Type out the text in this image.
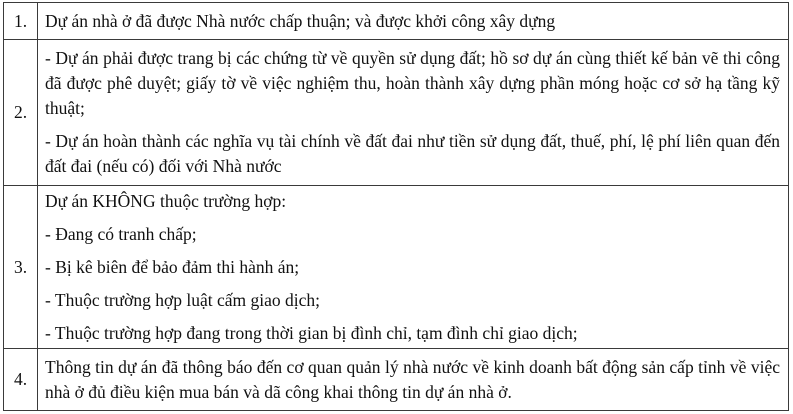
1.	Dự án nhà ở đã được Nhà nước chấp thuận; và được khởi công xây dựng

2.	- Dự án phải được trang bị các chứng từ về quyền sử dụng đất; hồ sơ dự án cùng thiết kế bản vẽ thi công đã được phê duyệt; giấy tờ về việc nghiệm thu, hoàn thành xây dựng phần móng hoặc cơ sở hạ tầng kỹ thuật;

- Dự án hoàn thành các nghĩa vụ tài chính về đất đai như tiền sử dụng đất, thuế, phí, lệ phí liên quan đến đất đai (nếu có) đối với Nhà nước

3.	Dự án KHÔNG thuộc trường hợp:

- Đang có tranh chấp;

- Bị kê biên để bảo đảm thi hành án;

- Thuộc trường hợp luật cấm giao dịch;

- Thuộc trường hợp đang trong thời gian bị đình chỉ, tạm đình chỉ giao dịch;

4.	Thông tin dự án đã thông báo đến cơ quan quản lý nhà nước về kinh doanh bất động sản cấp tỉnh về việc nhà ở đủ điều kiện mua bán và dã công khai thông tin dự án nhà ở.
